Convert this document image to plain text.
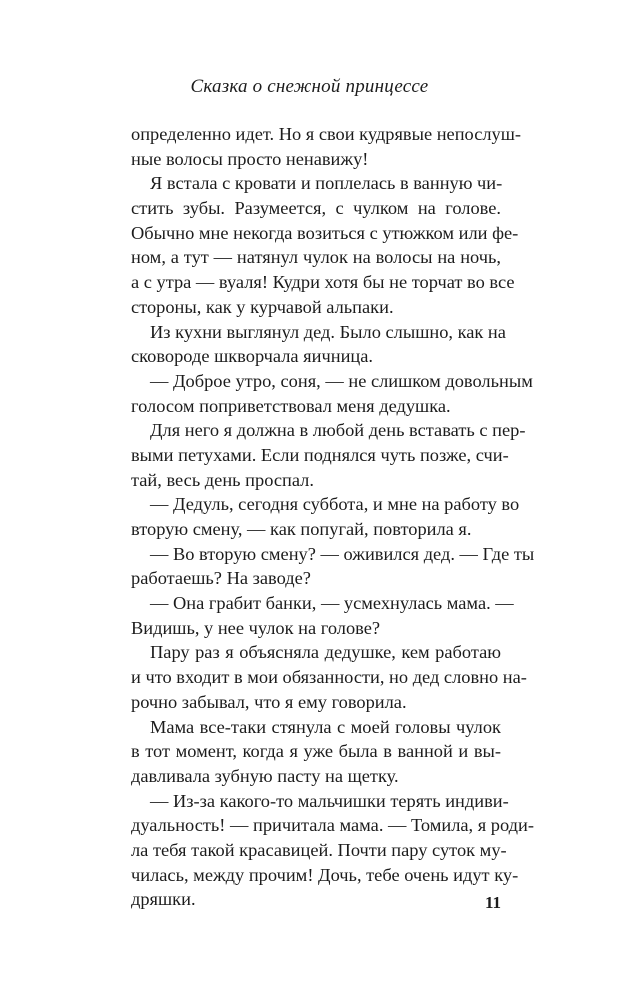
Сказка о снежной принцессе
определенно идет. Но я свои кудрявые непослуш-
ные волосы просто ненавижу!
Я встала с кровати и поплелась в ванную чи-
стить зубы. Разумеется, с чулком на голове.
Обычно мне некогда возиться с утюжком или фе-
ном, а тут — натянул чулок на волосы на ночь,
а с утра — вуаля! Кудри хотя бы не торчат во все
стороны, как у курчавой альпаки.
Из кухни выглянул дед. Было слышно, как на
сковороде шкворчала яичница.
— Доброе утро, соня, — не слишком довольным
голосом поприветствовал меня дедушка.
Для него я должна в любой день вставать с пер-
выми петухами. Если поднялся чуть позже, счи-
тай, весь день проспал.
— Дедуль, сегодня суббота, и мне на работу во
вторую смену, — как попугай, повторила я.
— Во вторую смену? — оживился дед. — Где ты
работаешь? На заводе?
— Она грабит банки, — усмехнулась мама. —
Видишь, у нее чулок на голове?
Пару раз я объясняла дедушке, кем работаю
и что входит в мои обязанности, но дед словно на-
рочно забывал, что я ему говорила.
Мама все-таки стянула с моей головы чулок
в тот момент, когда я уже была в ванной и вы-
давливала зубную пасту на щетку.
— Из-за какого-то мальчишки терять индиви-
дуальность! — причитала мама. — Томила, я роди-
ла тебя такой красавицей. Почти пару суток му-
чилась, между прочим! Дочь, тебе очень идут ку-
дряшки.	11
